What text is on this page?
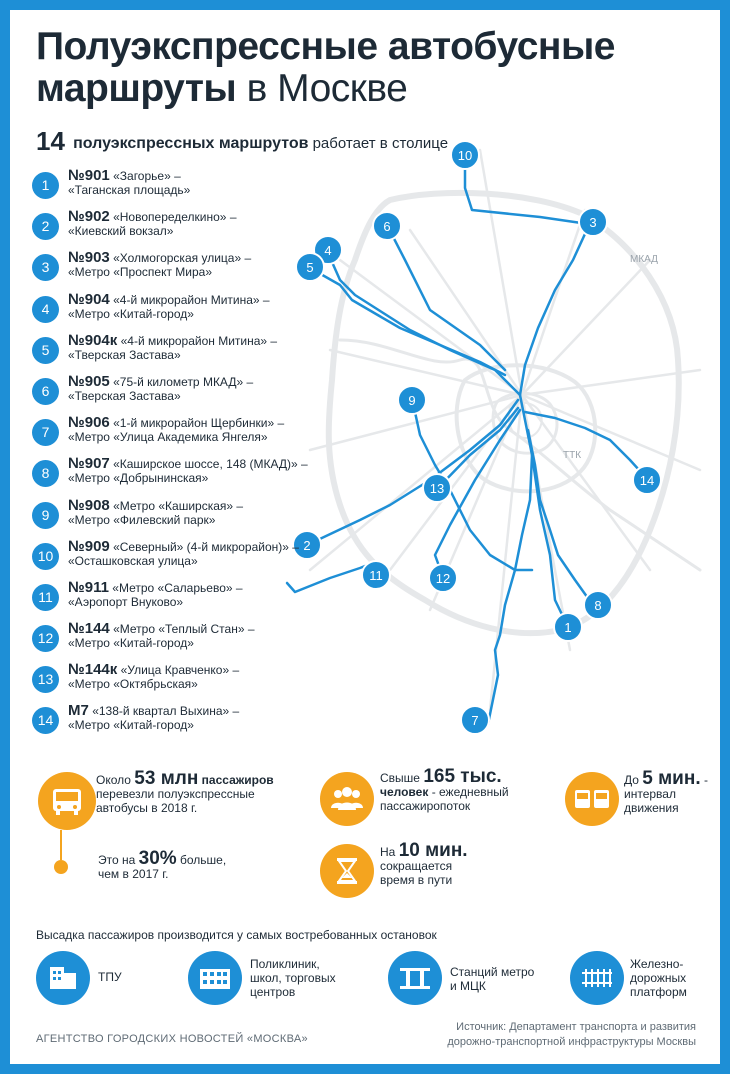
Полуэкспрессные автобусные
маршруты в Москве
14 полуэкспрессных маршрутов работает в столице
МКАД
ТТК
1
2
3
4
5
6
7
8
9
10
11	12
13
14
1
№901 «Загорье» –
«Таганская площадь»
2
№902 «Новопеределкино» –
«Киевский вокзал»
3
№903 «Холмогорская улица» –
«Метро «Проспект Мира»
4
№904 «4-й микрорайон Митина» –
«Метро «Китай-город»
5
№904к «4-й микрорайон Митина» –
«Тверская Застава»
6
№905 «75-й километр МКАД» –
«Тверская Застава»
7
№906 «1-й микрорайон Щербинки» –
«Метро «Улица Академика Янгеля»
8
№907 «Каширское шоссе, 148 (МКАД)» –
«Метро «Добрынинская»
9
№908 «Метро «Каширская» –
«Метро «Филевский парк»
10
№909 «Северный» (4-й микрорайон)» –
«Осташковская улица»
11
№911 «Метро «Саларьево» –
«Аэропорт Внуково»
12
№144 «Метро «Теплый Стан» –
«Метро «Китай-город»
13
№144к «Улица Кравченко» –
«Метро «Октябрьская»
14
М7 «138-й квартал Выхина» –
«Метро «Китай-город»
Около 53 млн пассажиров
перевезли полуэкспрессные
автобусы в 2018 г.
Это на 30% больше,
чем в 2017 г.
Свыше 165 тыс.
человек - ежедневный
пассажиропоток
До 5 мин. -
интервал
движения
На 10 мин.
сокращается
время в пути
Высадка пассажиров производится у самых востребованных остановок
ТПУ
Поликлиник,
школ, торговых
центров
Станций метро
и МЦК
Железно-
дорожных
платформ
АГЕНТСТВО ГОРОДСКИХ НОВОСТЕЙ «МОСКВА»
Источник: Департамент транспорта и развития
дорожно-транспортной инфраструктуры Москвы
